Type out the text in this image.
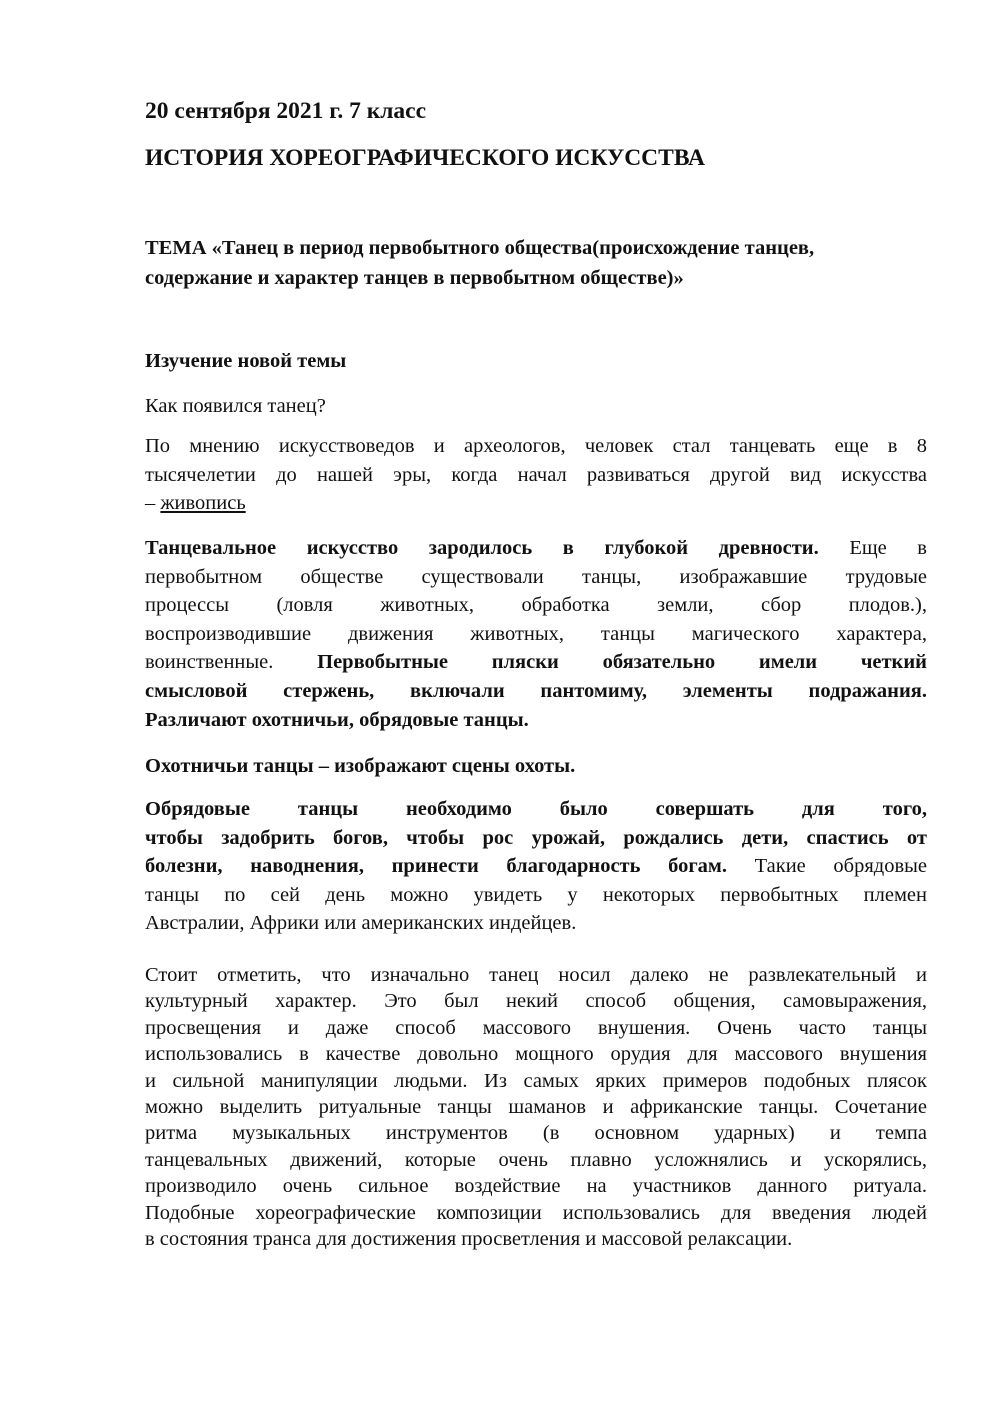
20 сентября 2021 г. 7 класс
ИСТОРИЯ ХОРЕОГРАФИЧЕСКОГО ИСКУССТВА
ТЕМА «Танец в период первобытного общества(происхождение танцев,
содержание и характер танцев в первобытном обществе)»
Изучение новой темы
Как появился танец?
По мнению искусствоведов и археологов, человек стал танцевать еще в 8
тысячелетии до нашей эры, когда начал развиваться другой вид искусства
– живопись
Танцевальное искусство зародилось в глубокой древности. Еще в
первобытном обществе существовали танцы, изображавшие трудовые
процессы (ловля животных, обработка земли, сбор плодов.),
воспроизводившие движения животных, танцы магического характера,
воинственные. Первобытные пляски обязательно имели четкий
смысловой стержень, включали пантомиму, элементы подражания.
Различают охотничьи, обрядовые танцы.
Охотничьи танцы – изображают сцены охоты.
Обрядовые танцы необходимо было совершать для того,
чтобы задобрить богов, чтобы рос урожай, рождались дети, спастись от
болезни, наводнения, принести благодарность богам. Такие обрядовые
танцы по сей день можно увидеть у некоторых первобытных племен
Австралии, Африки или американских индейцев.
Стоит отметить, что изначально танец носил далеко не развлекательный и
культурный характер. Это был некий способ общения, самовыражения,
просвещения и даже способ массового внушения. Очень часто танцы
использовались в качестве довольно мощного орудия для массового внушения
и сильной манипуляции людьми. Из самых ярких примеров подобных плясок
можно выделить ритуальные танцы шаманов и африканские танцы. Сочетание
ритма музыкальных инструментов (в основном ударных) и темпа
танцевальных движений, которые очень плавно усложнялись и ускорялись,
производило очень сильное воздействие на участников данного ритуала.
Подобные хореографические композиции использовались для введения людей
в состояния транса для достижения просветления и массовой релаксации.
